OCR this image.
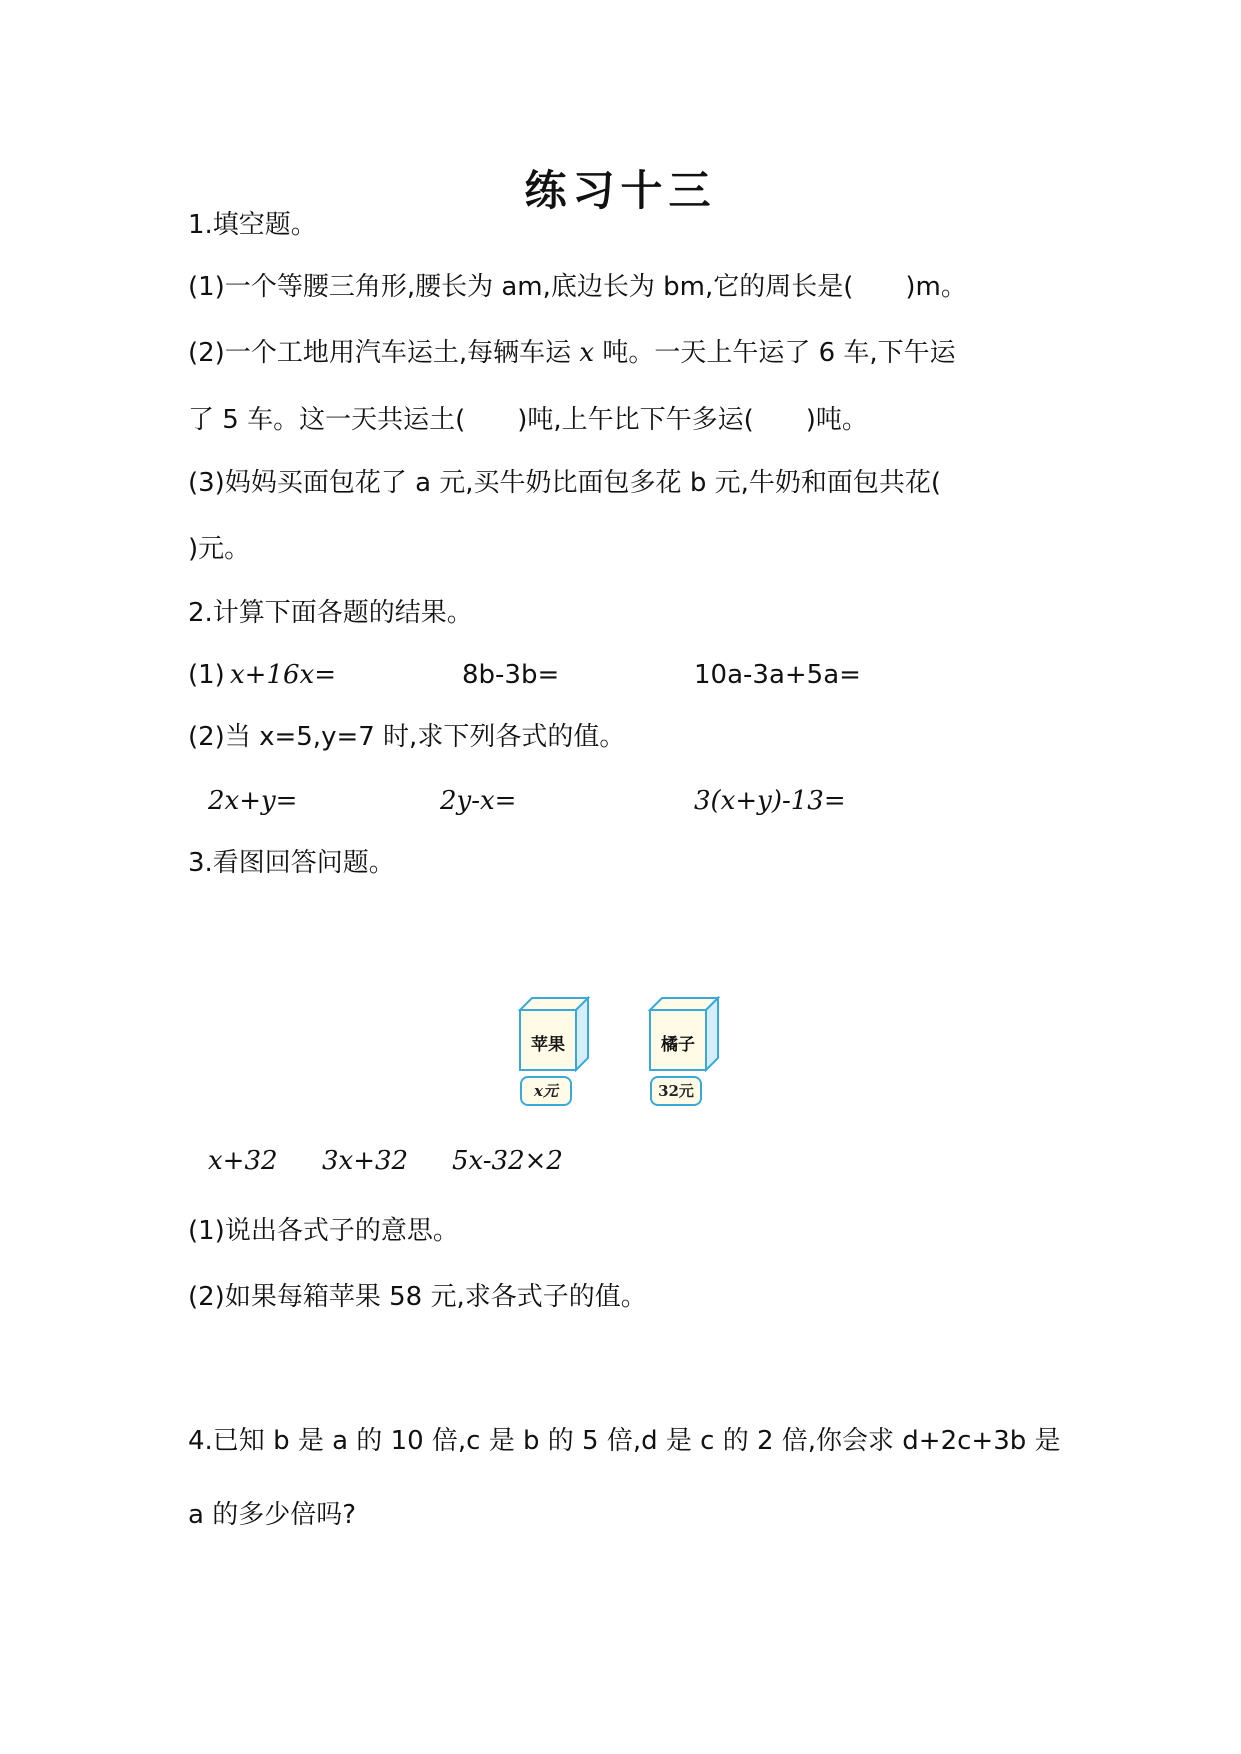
练习十三
1.填空题。
(1)一个等腰三角形,腰长为 am,底边长为 bm,它的周长是(　　)m。
(2)一个工地用汽车运土,每辆车运 x 吨。一天上午运了 6 车,下午运
了 5 车。这一天共运土(　　)吨,上午比下午多运(　　)吨。
(3)妈妈买面包花了 a 元,买牛奶比面包多花 b 元,牛奶和面包共花(
)元。
2.计算下面各题的结果。
(1) x+16x=	8b-3b=	10a-3a+5a=
(2)当 x=5,y=7 时,求下列各式的值。
2x+y=	2y-x=	3(x+y)-13=
3.看图回答问题。
苹果
x元
橘子
32元
x+32 3x+32 5x-32×2
(1)说出各式子的意思。
(2)如果每箱苹果 58 元,求各式子的值。
4.已知 b 是 a 的 10 倍,c 是 b 的 5 倍,d 是 c 的 2 倍,你会求 d+2c+3b 是
a 的多少倍吗?
